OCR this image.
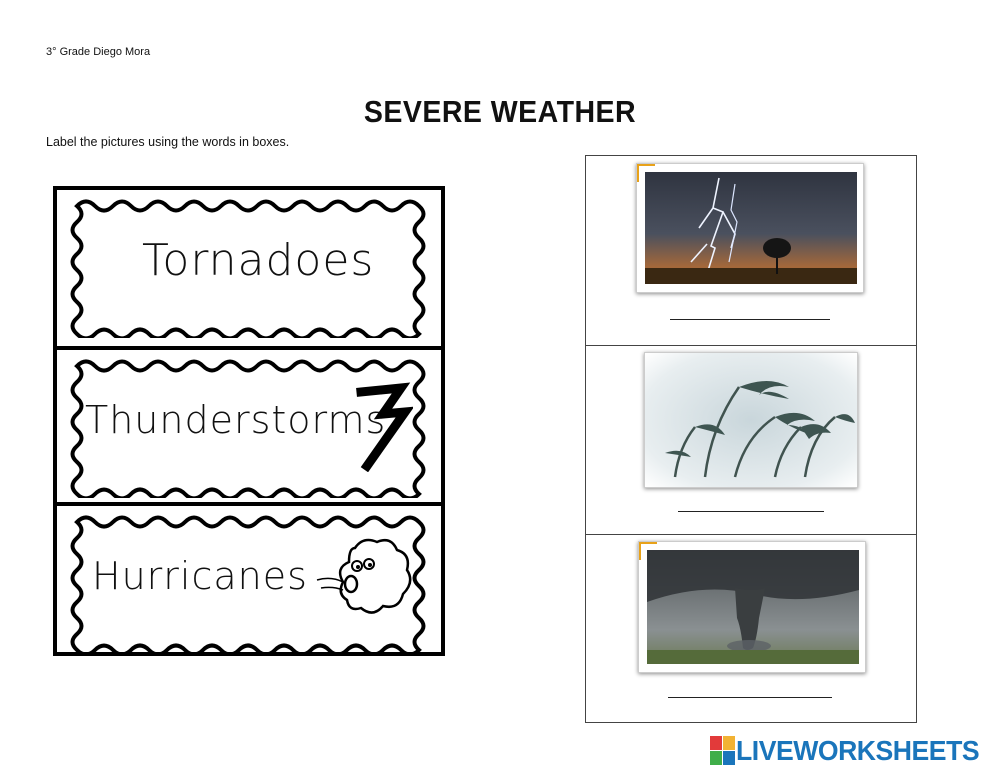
3° Grade Diego Mora
SEVERE WEATHER
Label the pictures using the words in boxes.
Tornadoes
Thunderstorms
Hurricanes
LIVEWORKSHEETS
